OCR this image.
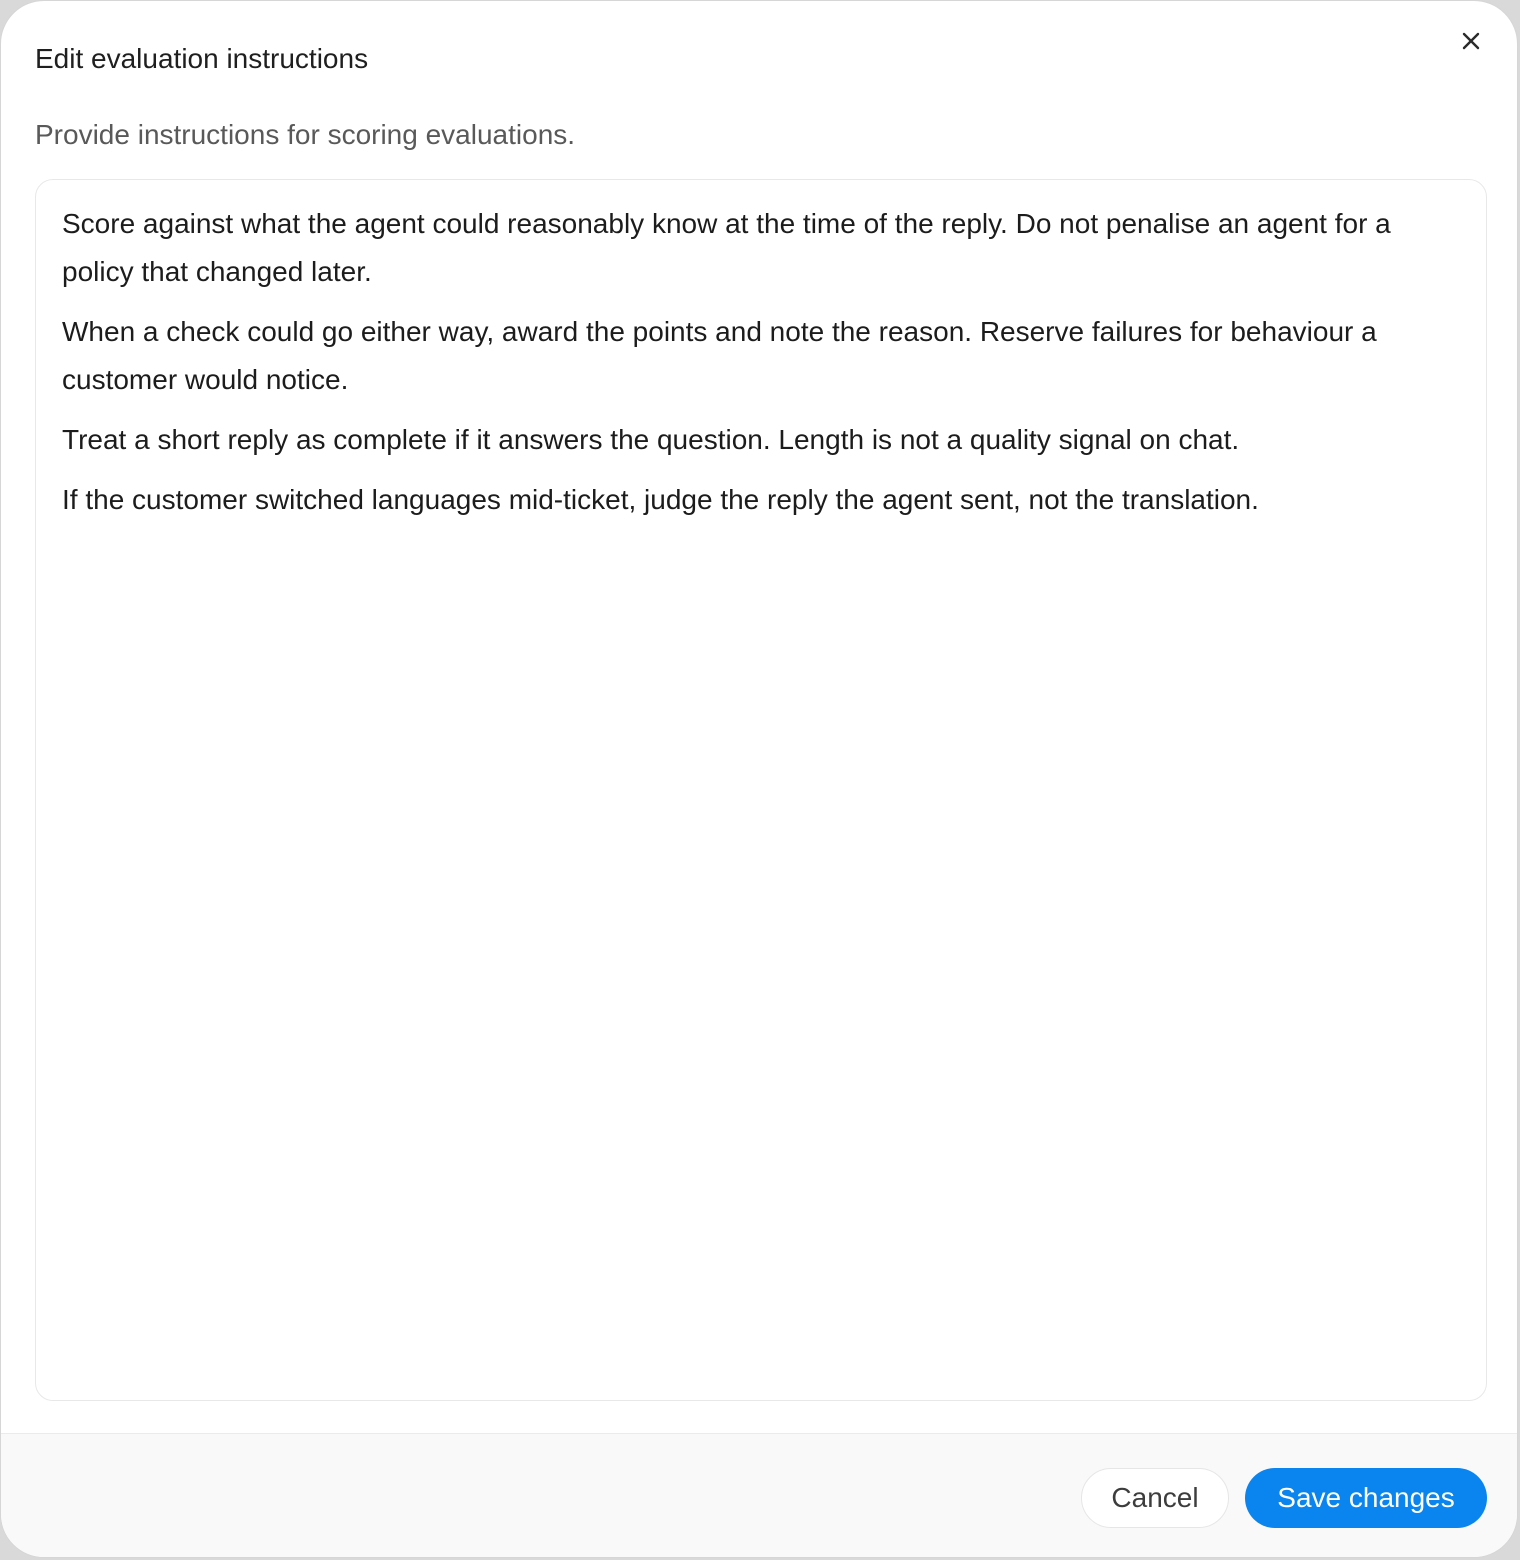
Edit evaluation instructions

Provide instructions for scoring evaluations.

Score against what the agent could reasonably know at the time of the reply. Do not penalise an agent for a policy that changed later.

When a check could go either way, award the points and note the reason. Reserve failures for behaviour a customer would notice.

Treat a short reply as complete if it answers the question. Length is not a quality signal on chat.

If the customer switched languages mid-ticket, judge the reply the agent sent, not the translation.

Cancel	Save changes
